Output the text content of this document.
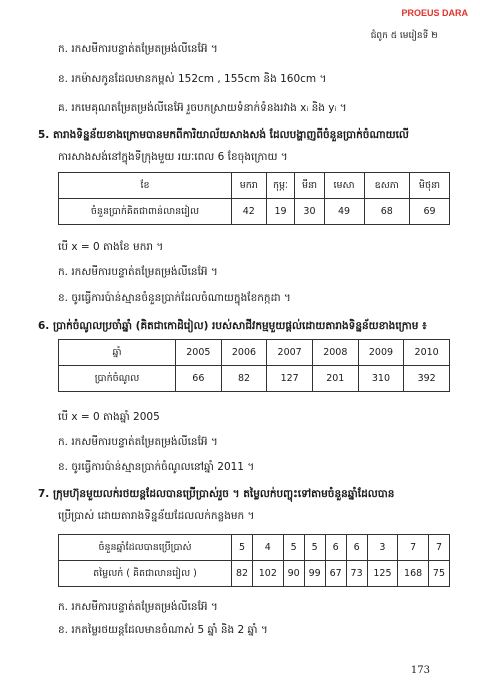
PROEUS DARA
ជំពូក ៥ មេរៀនទី ២
ក. រកសមីការបន្ទាត់តម្រែតម្រង់លីនេអ៊ែ ។
ខ. រកម៉ាសកូនដែលមានកម្ពស់ 152cm , 155cm និង 160cm ។
គ. រកមេគុណតម្រែតម្រង់លីនេអ៊ែ រួចបកស្រាយទំនាក់ទំនងរវាង xᵢ និង yᵢ ។
5. តារាងទិន្នន័យខាងក្រោមបានមកពីការិយាល័យសាងសង់ ដែលបង្ហាញពីចំនួនប្រាក់ចំណាយលើ
ការសាងសង់នៅក្នុងទីក្រុងមួយ រយៈពេល 6 ខែចុងក្រោយ ។
ខែ	មករា	កុម្ភៈ	មីនា	មេសា	ឧសភា	មិថុនា
ចំនួនប្រាក់គិតជាពាន់លានរៀល	42	19	30	49	68	69
បើ x = 0 តាងខែ មករា ។
ក. រកសមីការបន្ទាត់តម្រែតម្រង់លីនេអ៊ែ ។
ខ. ចូរធ្វើការប៉ាន់ស្មានចំនួនប្រាក់ដែលចំណាយក្នុងខែកក្កដា ។
6. ប្រាក់ចំណូលប្រចាំឆ្នាំ (គិតជាកោដិរៀល) របស់សាជីវកម្មមួយផ្ដល់ដោយតារាងទិន្នន័យខាងក្រោម ៖
ឆ្នាំ	2005	2006	2007	2008	2009	2010
ប្រាក់ចំណូល	66	82	127	201	310	392
បើ x = 0 តាងឆ្នាំ 2005
ក. រកសមីការបន្ទាត់តម្រែតម្រង់លីនេអ៊ែ ។
ខ. ចូរធ្វើការប៉ាន់ស្មានប្រាក់ចំណូលនៅឆ្នាំ 2011 ។
7. ក្រុមហ៊ុនមួយលក់រថយន្តដែលបានប្រើប្រាស់រួច ។ តម្លៃលក់បញ្ចុះទៅតាមចំនួនឆ្នាំដែលបាន
ប្រើប្រាស់ ដោយតារាងទិន្នន័យដែលលក់កន្លងមក ។
ចំនួនឆ្នាំដែលបានប្រើប្រាស់	5	4	5	5	6	6	3	7	7
តម្លៃលក់ ( គិតជាលានរៀល )	82	102	90	99	67	73	125	168	75
ក. រកសមីការបន្ទាត់តម្រែតម្រង់លីនេអ៊ែ ។
ខ. រកតម្លៃរថយន្តដែលមានចំណាស់ 5 ឆ្នាំ និង 2 ឆ្នាំ ។
173
